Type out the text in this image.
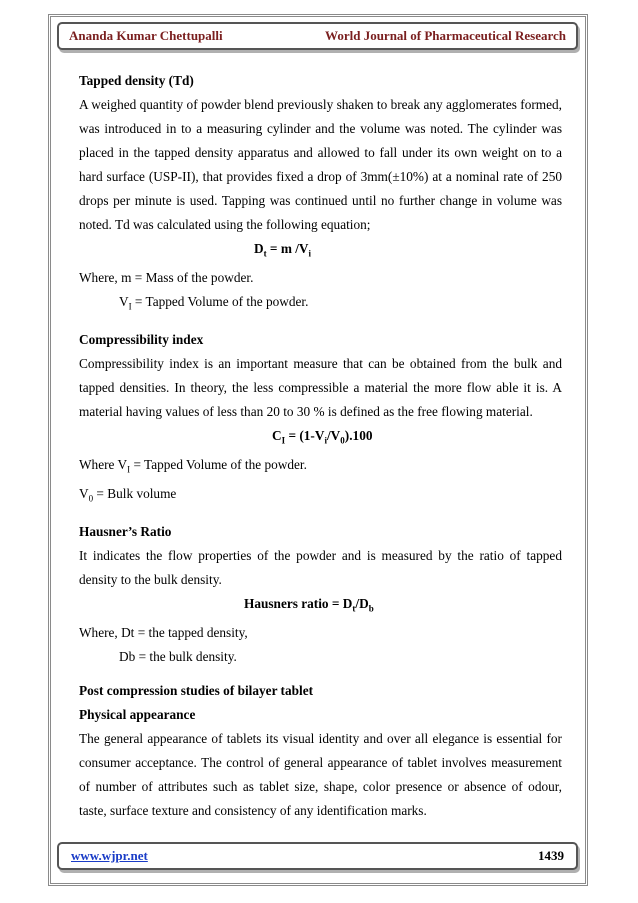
Ananda Kumar Chettupalli	World Journal of Pharmaceutical Research

Tapped density (Td)

A weighed quantity of powder blend previously shaken to break any agglomerates formed, was introduced in to a measuring cylinder and the volume was noted. The cylinder was placed in the tapped density apparatus and allowed to fall under its own weight on to a hard surface (USP-II), that provides fixed a drop of 3mm(±10%) at a nominal rate of 250 drops per minute is used. Tapping was continued until no further change in volume was noted. Td was calculated using the following equation;

$D_t = m$ $/V_i$

Where, m = Mass of the powder.

$V_I$ = Tapped Volume of the powder.

Compressibility index

Compressibility index is an important measure that can be obtained from the bulk and tapped densities. In theory, the less compressible a material the more flow able it is. A material having values of less than 20 to 30 % is defined as the free flowing material.

$C_I = (1-V_i/V_0).100$

Where $V_I$ = Tapped Volume of the powder.

$V_0$ = Bulk volume

Hausner’s Ratio

It indicates the flow properties of the powder and is measured by the ratio of tapped density to the bulk density.

Hausners ratio = $D_t/D_b$

Where, Dt = the tapped density,

Db = the bulk density.

Post compression studies of bilayer tablet

Physical appearance

The general appearance of tablets its visual identity and over all elegance is essential for consumer acceptance. The control of general appearance of tablet involves measurement of number of attributes such as tablet size, shape, color presence or absence of odour, taste, surface texture and consistency of any identification marks.

www.wjpr.net	1439
